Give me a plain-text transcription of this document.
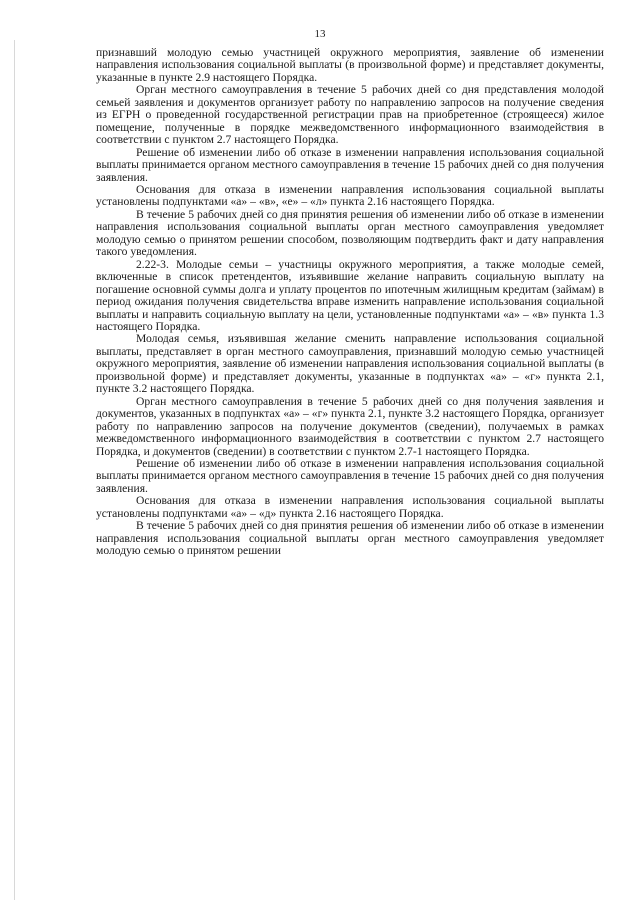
13

признавший молодую семью участницей окружного мероприятия, заявление об изменении направления использования социальной выплаты (в произвольной форме) и представляет документы, указанные в пункте 2.9 настоящего Порядка.

Орган местного самоуправления в течение 5 рабочих дней со дня представления молодой семьей заявления и документов организует работу по направлению запросов на получение сведения из ЕГРН о проведенной государственной регистрации прав на приобретенное (строящееся) жилое помещение, полученные в порядке межведомственного информационного взаимодействия в соответствии с пунктом 2.7 настоящего Порядка.

Решение об изменении либо об отказе в изменении направления использования социальной выплаты принимается органом местного самоуправления в течение 15 рабочих дней со дня получения заявления.

Основания для отказа в изменении направления использования социальной выплаты установлены подпунктами «а» – «в», «е» – «л» пункта 2.16 настоящего Порядка.

В течение 5 рабочих дней со дня принятия решения об изменении либо об отказе в изменении направления использования социальной выплаты орган местного самоуправления уведомляет молодую семью о принятом решении способом, позволяющим подтвердить факт и дату направления такого уведомления.

2.22-3. Молодые семьи – участницы окружного мероприятия, а также молодые семей, включенные в список претендентов, изъявившие желание направить социальную выплату на погашение основной суммы долга и уплату процентов по ипотечным жилищным кредитам (займам) в период ожидания получения свидетельства вправе изменить направление использования социальной выплаты и направить социальную выплату на цели, установленные подпунктами «а» – «в» пункта 1.3 настоящего Порядка.

Молодая семья, изъявившая желание сменить направление использования социальной выплаты, представляет в орган местного самоуправления, признавший молодую семью участницей окружного мероприятия, заявление об изменении направления использования социальной выплаты (в произвольной форме) и представляет документы, указанные в подпунктах «а» – «г» пункта 2.1, пункте 3.2 настоящего Порядка.

Орган местного самоуправления в течение 5 рабочих дней со дня получения заявления и документов, указанных в подпунктах «а» – «г» пункта 2.1, пункте 3.2 настоящего Порядка, организует работу по направлению запросов на получение документов (сведении), получаемых в рамках межведомственного информационного взаимодействия в соответствии с пунктом 2.7 настоящего Порядка, и документов (сведении) в соответствии с пунктом 2.7-1 настоящего Порядка.

Решение об изменении либо об отказе в изменении направления использования социальной выплаты принимается органом местного самоуправления в течение 15 рабочих дней со дня получения заявления.

Основания для отказа в изменении направления использования социальной выплаты установлены подпунктами «а» – «д» пункта 2.16 настоящего Порядка.

В течение 5 рабочих дней со дня принятия решения об изменении либо об отказе в изменении направления использования социальной выплаты орган местного самоуправления уведомляет молодую семью о принятом решении
